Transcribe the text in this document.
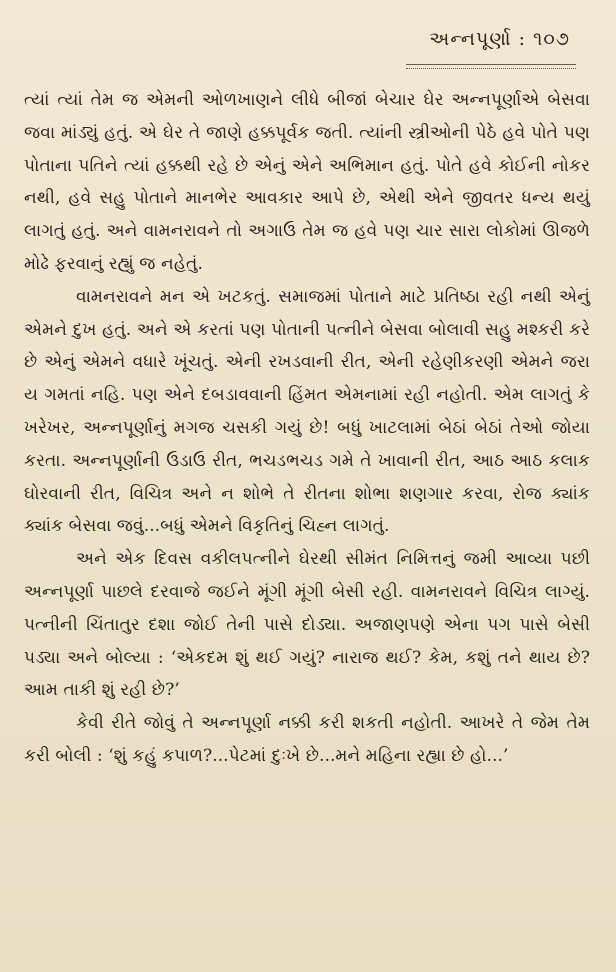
અન્નપૂર્ણા : ૧૦૭

ત્યાં ત્યાં તેમ જ એમની ઓળખાણને લીધે બીજાં બેચાર ઘેર અન્નપૂર્ણાએ બેસવા જવા માંડ્યું હતું. એ ઘેર તે જાણે હક્કપૂર્વક જતી. ત્યાંની સ્ત્રીઓની પેઠે હવે પોતે પણ પોતાના પતિને ત્યાં હક્કથી રહે છે એનું એને અભિમાન હતું. પોતે હવે કોઈની નોકર નથી, હવે સહુ પોતાને માનભેર આવકાર આપે છે, એથી એને જીવતર ધન્ય થયું લાગતું હતું. અને વામનરાવને તો અગાઉ તેમ જ હવે પણ ચાર સારા લોકોમાં ઊજળે મોઢે ફરવાનું રહ્યું જ નહેતું.

વામનરાવને મન એ ખટકતું. સમાજમાં પોતાને માટે પ્રતિષ્ઠા રહી નથી એનું એમને દુખ હતું. અને એ કરતાં પણ પોતાની પત્નીને બેસવા બોલાવી સહુ મશ્કરી કરે છે એનું એમને વધારે ખૂંચતું. એની રખડવાની રીત, એની રહેણીકરણી એમને જરા ય ગમતાં નહિ. પણ એને દબડાવવાની હિંમત એમનામાં રહી નહોતી. એમ લાગતું કે ખરેખર, અન્નપૂર્ણાનું મગજ ચસકી ગયું છે! બધું ખાટલામાં બેઠાં બેઠાં તેઓ જોયા કરતા. અન્નપૂર્ણાની ઉડાઉ રીત, ભચડભચડ ગમે તે ખાવાની રીત, આઠ આઠ કલાક ઘોરવાની રીત, વિચિત્ર અને ન શોભે તે રીતના શોભા શણગાર કરવા, રોજ ક્યાંક ક્યાંક બેસવા જવું...બધું એમને વિકૃતિનું ચિહ્ન લાગતું.

અને એક દિવસ વકીલપત્નીને ઘેરથી સીમંત નિમિત્તનું જમી આવ્યા પછી અન્નપૂર્ણા પાછલે દરવાજે જઈને મૂંગી મૂંગી બેસી રહી. વામનરાવને વિચિત્ર લાગ્યું. પત્નીની ચિંતાતુર દશા જોઈ તેની પાસે દોડ્યા. અજાણપણે એના પગ પાસે બેસી પડ્યા અને બોલ્યા : ‘એકદમ શું થઈ ગયું? નારાજ થઈ? કેમ, કશું તને થાય છે? આમ તાકી શું રહી છે?’

કેવી રીતે જોવું તે અન્નપૂર્ણા નક્કી કરી શકતી નહોતી. આખરે તે જેમ તેમ કરી બોલી : ‘શું કહું કપાળ?...પેટમાં દુઃખે છે...મને મહિના રહ્યા છે હો...’
